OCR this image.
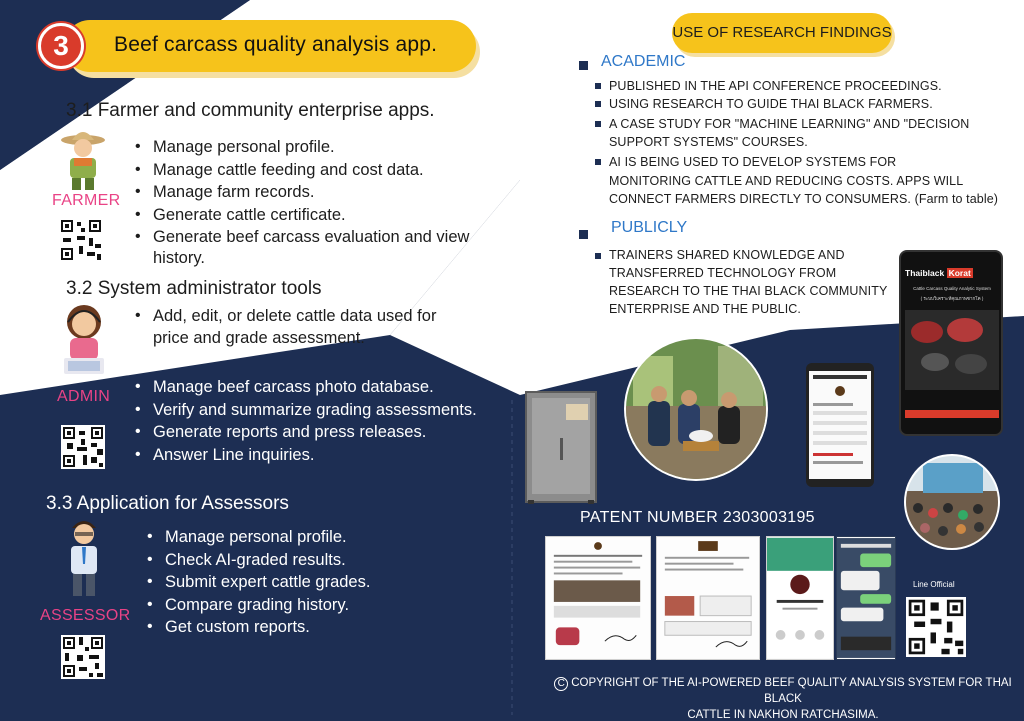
Beef carcass quality analysis app.
3
3.1 Farmer and community enterprise apps.
FARMER
• Manage personal profile.
• Manage cattle feeding and cost data.
• Manage farm records.
• Generate cattle certificate.
• Generate beef carcass evaluation and view
history.
3.2 System administrator tools
ADMIN
• Add, edit, or delete cattle data used for
price and grade assessment.
• Manage beef carcass photo database.
• Verify and summarize grading assessments.
• Generate reports and press releases.
• Answer Line inquiries.
3.3 Application for Assessors
ASSESSOR
• Manage personal profile.
• Check AI-graded results.
• Submit expert cattle grades.
• Compare grading history.
• Get custom reports.
USE OF RESEARCH FINDINGS
ACADEMIC
PUBLISHED IN THE API CONFERENCE PROCEEDINGS.
USING RESEARCH TO GUIDE THAI BLACK FARMERS.
A CASE STUDY FOR "MACHINE LEARNING" AND "DECISION
SUPPORT SYSTEMS" COURSES.
AI IS BEING USED TO DEVELOP SYSTEMS FOR
MONITORING CATTLE AND REDUCING COSTS. APPS WILL
CONNECT FARMERS DIRECTLY TO CONSUMERS. (Farm to table)
PUBLICLY
TRAINERS SHARED KNOWLEDGE AND
TRANSFERRED TECHNOLOGY FROM
RESEARCH TO THE THAI BLACK COMMUNITY
ENTERPRISE AND THE PUBLIC.
Thaiblack Korat
Cattle Carcass Quality Analytic System
( ระบบวิเคราะห์คุณภาพซากโค )
PATENT NUMBER 2303003195
Line Official
C COPYRIGHT OF THE AI-POWERED BEEF QUALITY ANALYSIS SYSTEM FOR THAI BLACK
CATTLE IN NAKHON RATCHASIMA.
